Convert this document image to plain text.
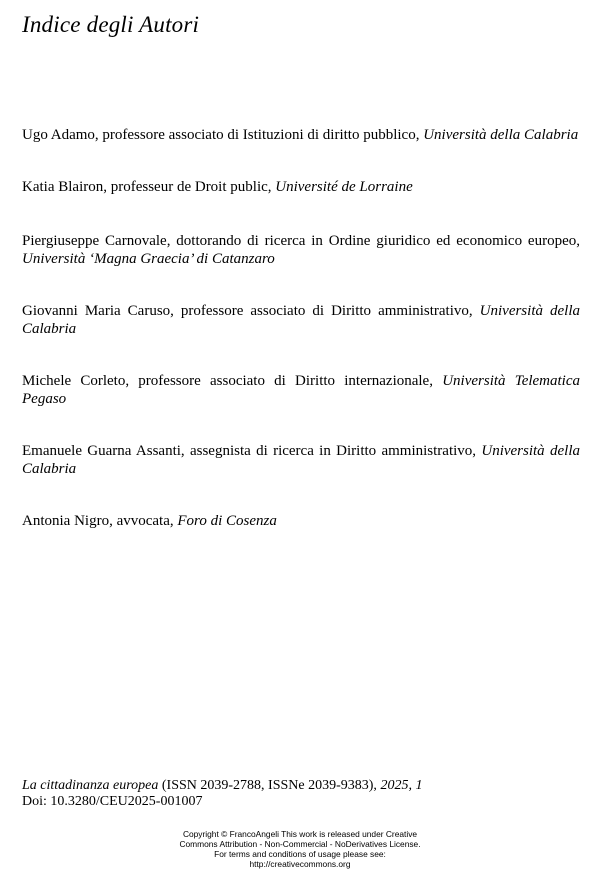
Indice degli Autori
Ugo Adamo, professore associato di Istituzioni di diritto pubblico, Università della Calabria
Katia Blairon, professeur de Droit public, Université de Lorraine
Piergiuseppe Carnovale, dottorando di ricerca in Ordine giuridico ed economico europeo, Università ‘Magna Graecia’ di Catanzaro
Giovanni Maria Caruso, professore associato di Diritto amministrativo, Università della Calabria
Michele Corleto, professore associato di Diritto internazionale, Università Telematica Pegaso
Emanuele Guarna Assanti, assegnista di ricerca in Diritto amministrativo, Università della Calabria
Antonia Nigro, avvocata, Foro di Cosenza
La cittadinanza europea (ISSN 2039-2788, ISSNe 2039-9383), 2025, 1
Doi: 10.3280/CEU2025-001007
Copyright © FrancoAngeli This work is released under Creative
Commons Attribution - Non-Commercial - NoDerivatives License.
For terms and conditions of usage please see:
http://creativecommons.org
